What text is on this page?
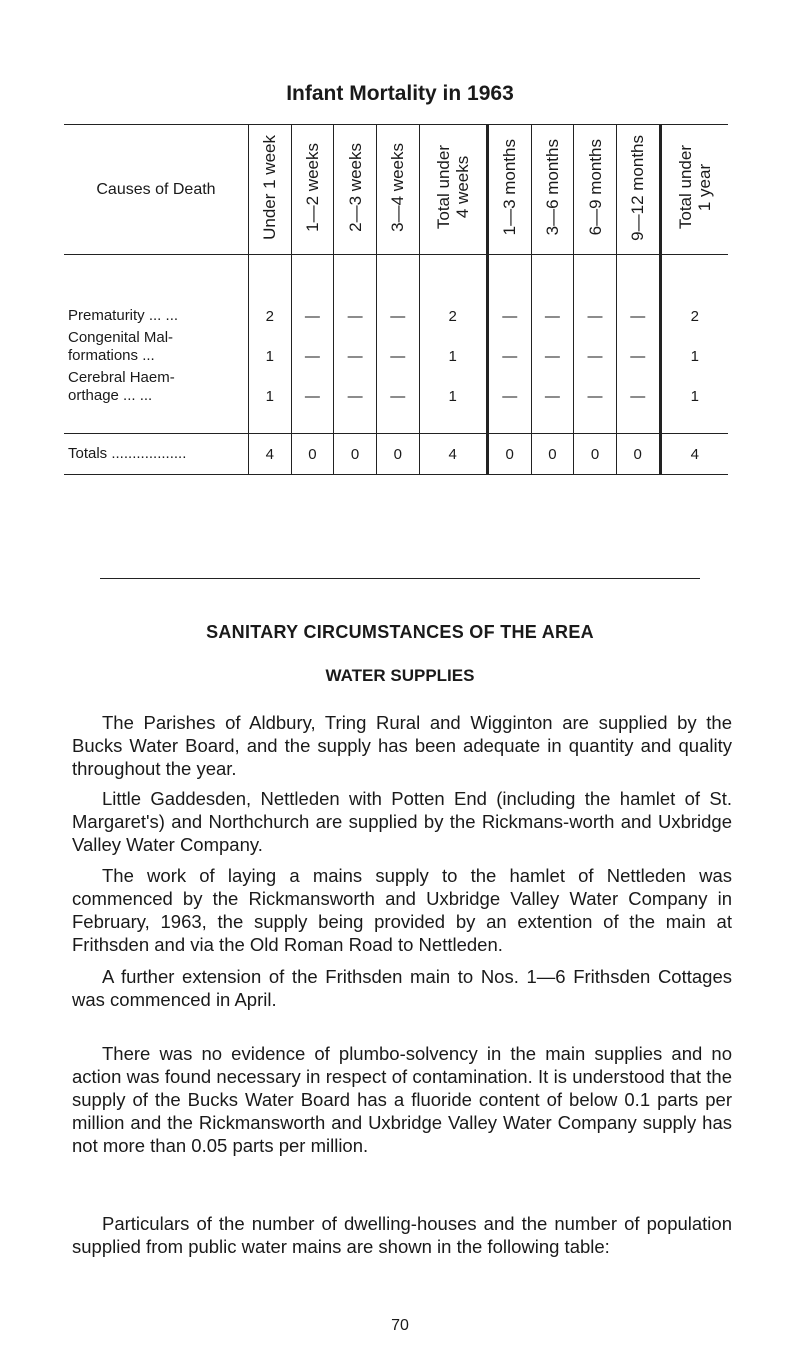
Infant Mortality in 1963
Causes of Death	Under 1 week	1—2 weeks	2—3 weeks	3—4 weeks	Total under
4 weeks	1—3 months	3—6 months	6—9 months	9—12 months	Total under
1 year

Prematurity ... ...	2	—	—	—	2	—	—	—	—	2
Congenital Mal-
formations ...	1	—	—	—	1	—	—	—	—	1
Cerebral Haem-
orthage ... ...	1	—	—	—	1	—	—	—	—	1

Totals ..................	4	0	0	0	4	0	0	0	0	4
SANITARY CIRCUMSTANCES OF THE AREA
WATER SUPPLIES

The Parishes of Aldbury, Tring Rural and Wigginton are supplied by the Bucks Water Board, and the supply has been adequate in quantity and quality throughout the year.

Little Gaddesden, Nettleden with Potten End (including the hamlet of St. Margaret's) and Northchurch are supplied by the Rickmans-worth and Uxbridge Valley Water Company.

The work of laying a mains supply to the hamlet of Nettleden was commenced by the Rickmansworth and Uxbridge Valley Water Company in February, 1963, the supply being provided by an extention of the main at Frithsden and via the Old Roman Road to Nettleden.

A further extension of the Frithsden main to Nos. 1—6 Frithsden Cottages was commenced in April.

There was no evidence of plumbo-solvency in the main supplies and no action was found necessary in respect of contamination. It is understood that the supply of the Bucks Water Board has a fluoride content of below 0.1 parts per million and the Rickmansworth and Uxbridge Valley Water Company supply has not more than 0.05 parts per million.

Particulars of the number of dwelling-houses and the number of population supplied from public water mains are shown in the following table:

70
